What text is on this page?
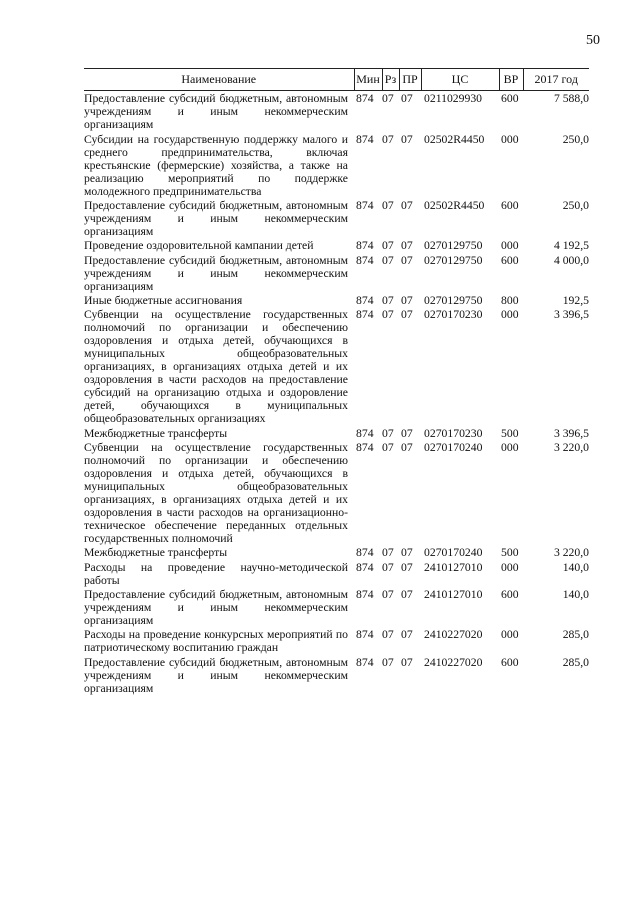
50
Наименование	Мин	Рз	ПР	ЦС	ВР	2017 год
Предоставление субсидий бюджетным, автономным учреждениям и иным некоммерческим организациям	874	07	07	0211029930	600	7 588,0
Субсидии на государственную поддержку малого и среднего предпринимательства, включая крестьянские (фермерские) хозяйства, а также на реализацию мероприятий по поддержке молодежного предпринимательства	874	07	07	02502R4450	000	250,0
Предоставление субсидий бюджетным, автономным учреждениям и иным некоммерческим организациям	874	07	07	02502R4450	600	250,0
Проведение оздоровительной кампании детей	874	07	07	0270129750	000	4 192,5
Предоставление субсидий бюджетным, автономным учреждениям и иным некоммерческим организациям	874	07	07	0270129750	600	4 000,0
Иные бюджетные ассигнования	874	07	07	0270129750	800	192,5
Субвенции на осуществление государственных полномочий по организации и обеспечению оздоровления и отдыха детей, обучающихся в муниципальных общеобразовательных организациях, в организациях отдыха детей и их оздоровления в части расходов на предоставление субсидий на организацию отдыха и оздоровление детей, обучающихся в муниципальных общеобразовательных организациях	874	07	07	0270170230	000	3 396,5
Межбюджетные трансферты	874	07	07	0270170230	500	3 396,5
Субвенции на осуществление государственных полномочий по организации и обеспечению оздоровления и отдыха детей, обучающихся в муниципальных общеобразовательных организациях, в организациях отдыха детей и их оздоровления в части расходов на организационно-техническое обеспечение переданных отдельных государственных полномочий	874	07	07	0270170240	000	3 220,0
Межбюджетные трансферты	874	07	07	0270170240	500	3 220,0
Расходы на проведение научно-методической работы	874	07	07	2410127010	000	140,0
Предоставление субсидий бюджетным, автономным учреждениям и иным некоммерческим организациям	874	07	07	2410127010	600	140,0
Расходы на проведение конкурсных мероприятий по патриотическому воспитанию граждан	874	07	07	2410227020	000	285,0
Предоставление субсидий бюджетным, автономным учреждениям и иным некоммерческим организациям	874	07	07	2410227020	600	285,0
